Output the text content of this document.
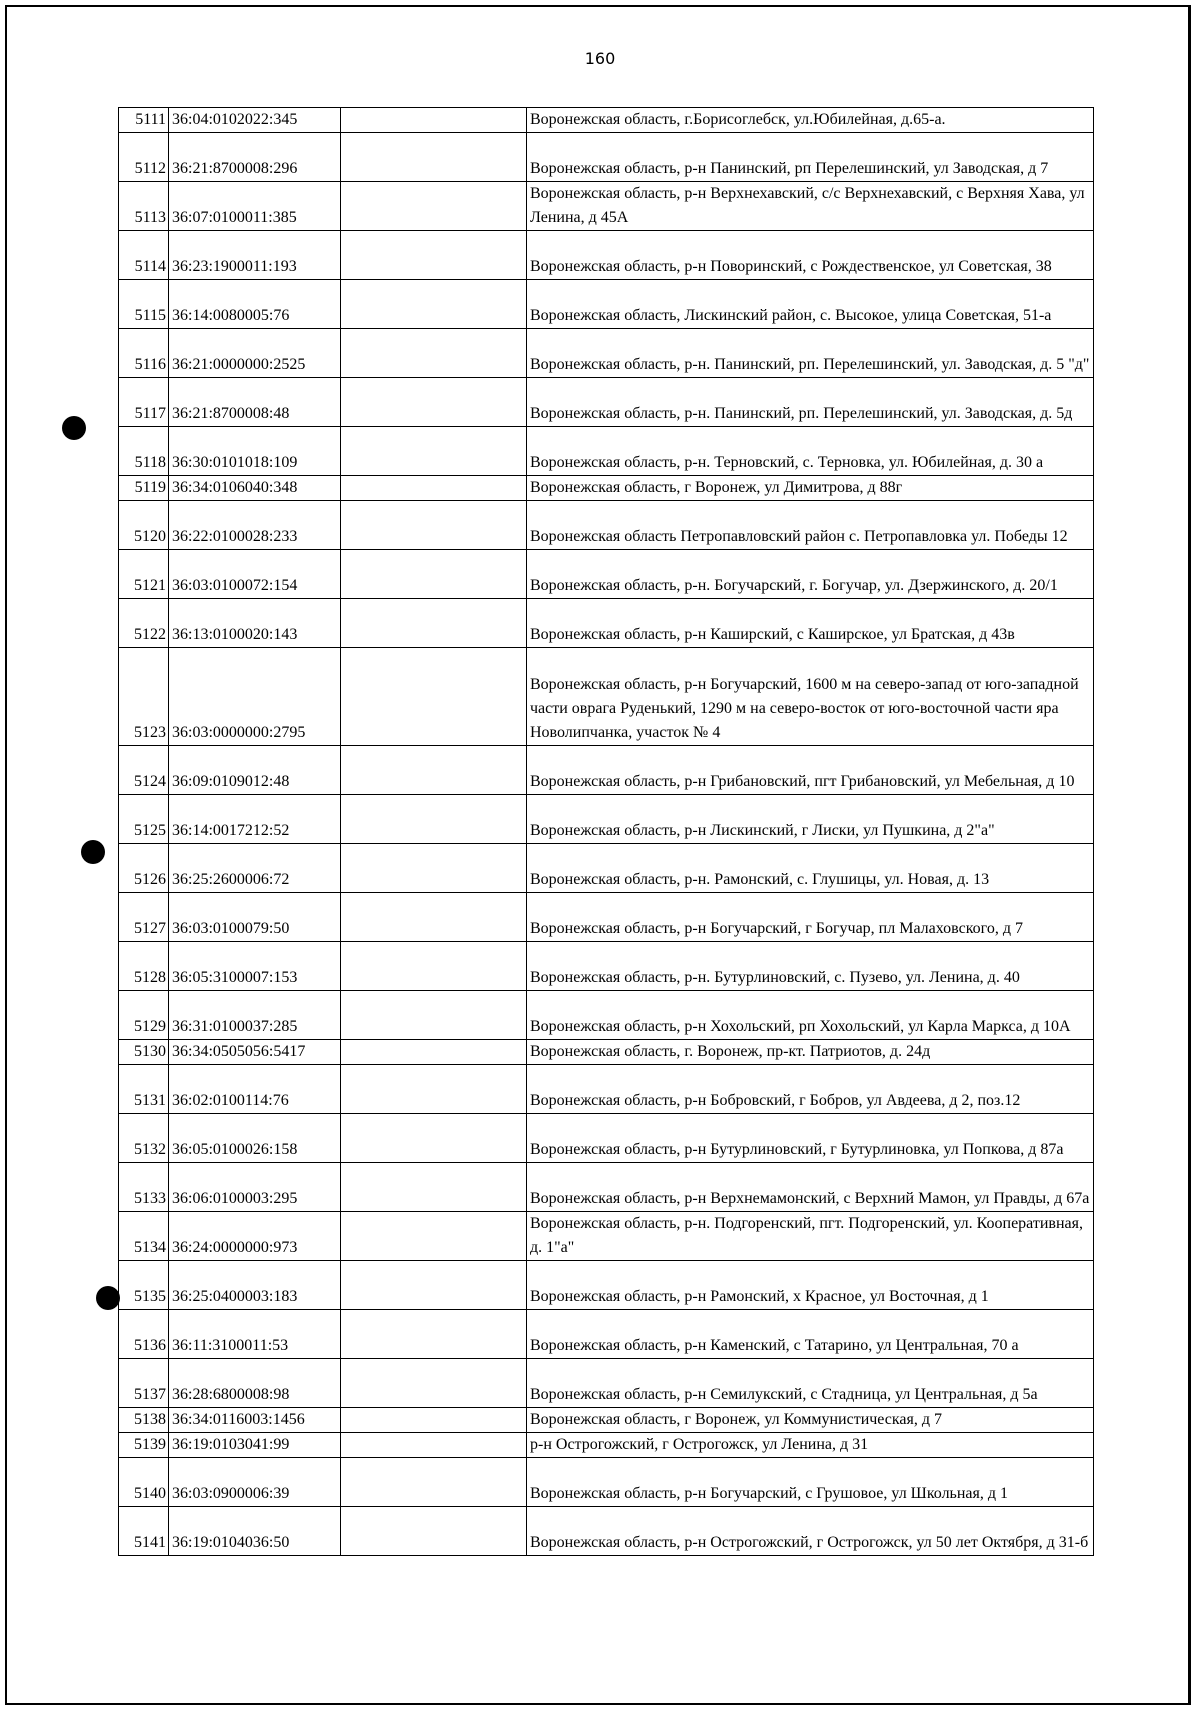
160
5111	36:04:0102022:345		Воронежская область, г.Борисоглебск, ул.Юбилейная, д.65-а.
5112	36:21:8700008:296		Воронежская область, р-н Панинский, рп Перелешинский, ул Заводская, д 7
5113	36:07:0100011:385		Воронежская область, р-н Верхнехавский, с/с Верхнехавский, с Верхняя Хава, ул Ленина, д 45А
5114	36:23:1900011:193		Воронежская область, р-н Поворинский, с Рождественское, ул Советская, 38
5115	36:14:0080005:76		Воронежская область, Лискинский район, с. Высокое, улица Советская, 51-а
5116	36:21:0000000:2525		Воронежская область, р-н. Панинский, рп. Перелешинский, ул. Заводская, д. 5 "д"
5117	36:21:8700008:48		Воронежская область, р-н. Панинский, рп. Перелешинский, ул. Заводская, д. 5д
5118	36:30:0101018:109		Воронежская область, р-н. Терновский, с. Терновка, ул. Юбилейная, д. 30 а
5119	36:34:0106040:348		Воронежская область, г Воронеж, ул Димитрова, д 88г
5120	36:22:0100028:233		Воронежская область Петропавловский район с. Петропавловка ул. Победы 12
5121	36:03:0100072:154		Воронежская область, р-н. Богучарский, г. Богучар, ул. Дзержинского, д. 20/1
5122	36:13:0100020:143		Воронежская область, р-н Каширский, с Каширское, ул Братская, д 43в
5123	36:03:0000000:2795		Воронежская область, р-н Богучарский, 1600 м на северо-запад от юго-западной части оврага Руденький, 1290 м на северо-восток от юго-восточной части яра Новолипчанка, участок № 4
5124	36:09:0109012:48		Воронежская область, р-н Грибановский, пгт Грибановский, ул Мебельная, д 10
5125	36:14:0017212:52		Воронежская область, р-н Лискинский, г Лиски, ул Пушкина, д 2"а"
5126	36:25:2600006:72		Воронежская область, р-н. Рамонский, с. Глушицы, ул. Новая, д. 13
5127	36:03:0100079:50		Воронежская область, р-н Богучарский, г Богучар, пл Малаховского, д 7
5128	36:05:3100007:153		Воронежская область, р-н. Бутурлиновский, с. Пузево, ул. Ленина, д. 40
5129	36:31:0100037:285		Воронежская область, р-н Хохольский, рп Хохольский, ул Карла Маркса, д 10А
5130	36:34:0505056:5417		Воронежская область, г. Воронеж, пр-кт. Патриотов, д. 24д
5131	36:02:0100114:76		Воронежская область, р-н Бобровский, г Бобров, ул Авдеева, д 2, поз.12
5132	36:05:0100026:158		Воронежская область, р-н Бутурлиновский, г Бутурлиновка, ул Попкова, д 87а
5133	36:06:0100003:295		Воронежская область, р-н Верхнемамонский, с Верхний Мамон, ул Правды, д 67а
5134	36:24:0000000:973		Воронежская область, р-н. Подгоренский, пгт. Подгоренский, ул. Кооперативная, д. 1"а"
5135	36:25:0400003:183		Воронежская область, р-н Рамонский, х Красное, ул Восточная, д 1
5136	36:11:3100011:53		Воронежская область, р-н Каменский, с Татарино, ул Центральная, 70 а
5137	36:28:6800008:98		Воронежская область, р-н Семилукский, с Стадница, ул Центральная, д 5а
5138	36:34:0116003:1456		Воронежская область, г Воронеж, ул Коммунистическая, д 7
5139	36:19:0103041:99		р-н Острогожский, г Острогожск, ул Ленина, д 31
5140	36:03:0900006:39		Воронежская область, р-н Богучарский, с Грушовое, ул Школьная, д 1
5141	36:19:0104036:50		Воронежская область, р-н Острогожский, г Острогожск, ул 50 лет Октября, д 31-б
